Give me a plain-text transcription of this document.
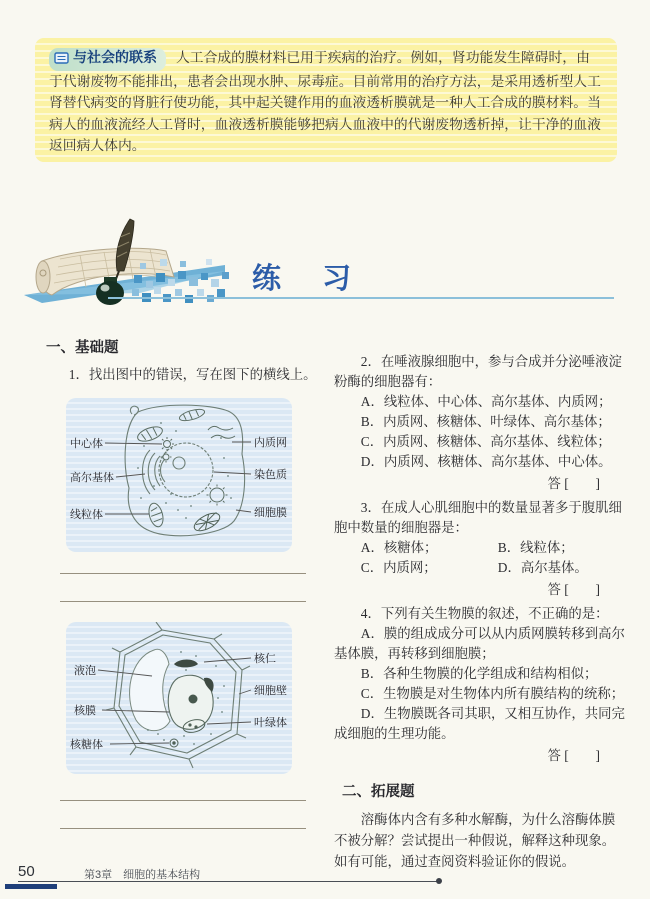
与社会的联系 人工合成的膜材料已用于疾病的治疗。例如，肾功能发生障碍时，由于代谢废物不能排出，患者会出现水肿、尿毒症。目前常用的治疗方法，是采用透析型人工肾替代病变的肾脏行使功能，其中起关键作用的血液透析膜就是一种人工合成的膜材料。当病人的血液流经人工肾时，血液透析膜能够把病人血液中的代谢废物透析掉，让干净的血液返回病人体内。
练　习

一、基础题

1．找出图中的错误，写在图下的横线上。

中心体
高尔基体
线粒体
内质网
染色质
细胞膜
液泡
核膜
核糖体
核仁
细胞壁
叶绿体

2．在唾液腺细胞中，参与合成并分泌唾液淀粉酶的细胞器有：

A．线粒体、中心体、高尔基体、内质网；

B．内质网、核糖体、叶绿体、高尔基体；

C．内质网、核糖体、高尔基体、线粒体；

D．内质网、核糖体、高尔基体、中心体。

答 [　　]

3．在成人心肌细胞中的数量显著多于腹肌细胞中数量的细胞器是：

A．核糖体；	B．线粒体；

C．内质网；	D．高尔基体。

答 [　　]

4．下列有关生物膜的叙述，不正确的是：

A．膜的组成成分可以从内质网膜转移到高尔基体膜，再转移到细胞膜；

B．各种生物膜的化学组成和结构相似；

C．生物膜是对生物体内所有膜结构的统称；

D．生物膜既各司其职，又相互协作，共同完成细胞的生理功能。

答 [　　]

二、拓展题

溶酶体内含有多种水解酶，为什么溶酶体膜不被分解？尝试提出一种假说，解释这种现象。如有可能，通过查阅资料验证你的假说。

50	第3章　细胞的基本结构
